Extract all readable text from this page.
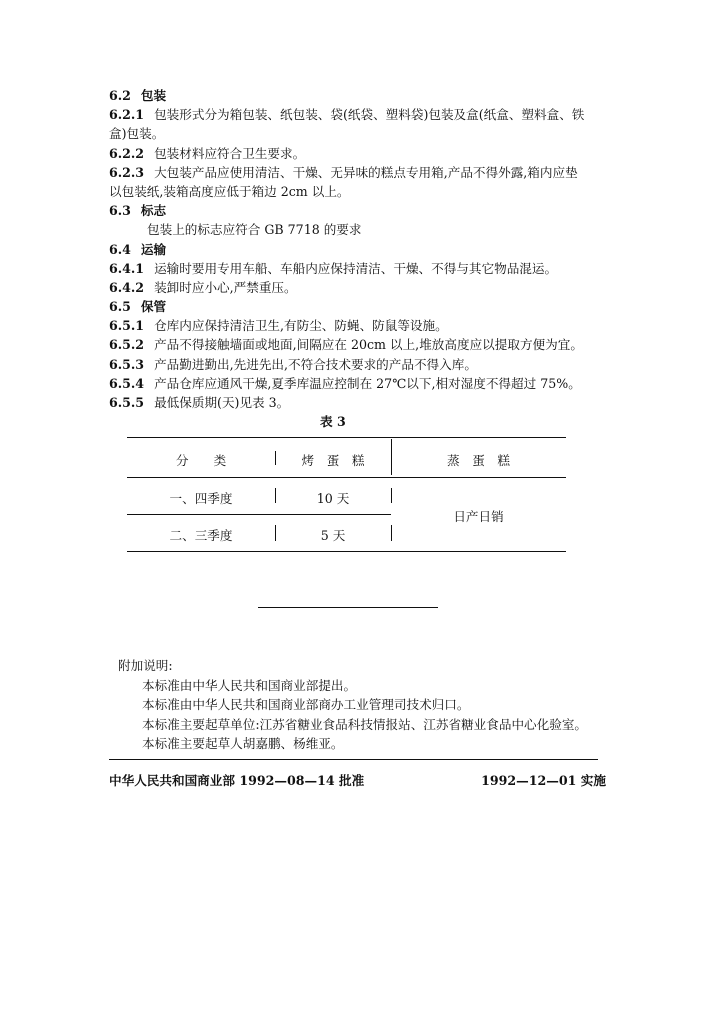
6.2 包装
6.2.1 包装形式分为箱包装、纸包装、袋(纸袋、塑料袋)包装及盒(纸盒、塑料盒、铁
盒)包装。
6.2.2 包装材料应符合卫生要求。
6.2.3 大包装产品应使用清洁、干燥、无异味的糕点专用箱,产品不得外露,箱内应垫
以包装纸,装箱高度应低于箱边 2cm 以上。
6.3 标志
包装上的标志应符合 GB 7718 的要求
6.4 运输
6.4.1 运输时要用专用车船、车船内应保持清洁、干燥、不得与其它物品混运。
6.4.2 装卸时应小心,严禁重压。
6.5 保管
6.5.1 仓库内应保持清洁卫生,有防尘、防蝇、防鼠等设施。
6.5.2 产品不得接触墙面或地面,间隔应在 20cm 以上,堆放高度应以提取方便为宜。
6.5.3 产品勤进勤出,先进先出,不符合技术要求的产品不得入库。
6.5.4 产品仓库应通风干燥,夏季库温应控制在 27℃以下,相对湿度不得超过 75%。
6.5.5 最低保质期(天)见表 3。
表 3
分　　类	烤　蛋　糕	蒸　蛋　糕
一、四季度	10 天
二、三季度	5 天
日产日销
附加说明:
本标准由中华人民共和国商业部提出。
本标准由中华人民共和国商业部商办工业管理司技术归口。
本标准主要起草单位:江苏省糖业食品科技情报站、江苏省糖业食品中心化验室。
本标准主要起草人胡嘉鹏、杨维亚。
中华人民共和国商业部 1992—08—14 批准	1992—12—01 实施
